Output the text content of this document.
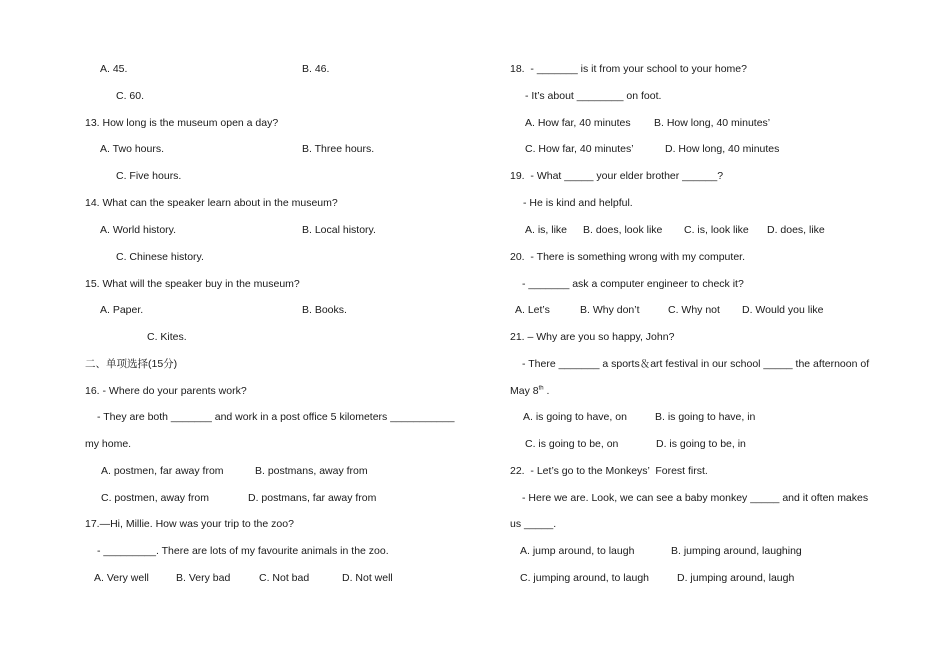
A. 45.	B. 46.
C. 60.
13. How long is the museum open a day?
A. Two hours.	B. Three hours.
C. Five hours.
14. What can the speaker learn about in the museum?
A. World history.	B. Local history.
C. Chinese history.
15. What will the speaker buy in the museum?
A. Paper.	B. Books.
C. Kites.
二、单项选择(15分)
16. - Where do your parents work?
- They are both _______ and work in a post office 5 kilometers ___________
my home.
A. postmen, far away from	B. postmans, away from
C. postmen, away from	D. postmans, far away from
17.—Hi, Millie. How was your trip to the zoo?
- _________. There are lots of my favourite animals in the zoo.
A. Very well	B. Very bad	C. Not bad	D. Not well
18.  - _______ is it from your school to your home?
- It’s about ________ on foot.
A. How far, 40 minutes B. How long, 40 minutes’
C. How far, 40 minutes’	D. How long, 40 minutes
19.  - What _____ your elder brother ______?
- He is kind and helpful.
A. is, like B. does, look like C. is, look like D. does, like
20.  - There is something wrong with my computer.
- _______ ask a computer engineer to check it?
A. Let’s	B. Why don’t	C. Why not D. Would you like
21. – Why are you so happy, John?
- There _______ a sports＆art festival in our school _____ the afternoon of
May 8th .
A. is going to have, on	B. is going to have, in
C. is going to be, on	D. is going to be, in
22.  - Let’s go to the Monkeys’  Forest first.
- Here we are. Look, we can see a baby monkey _____ and it often makes
us _____.
A. jump around, to laugh	B. jumping around, laughing
C. jumping around, to laugh	D. jumping around, laugh
